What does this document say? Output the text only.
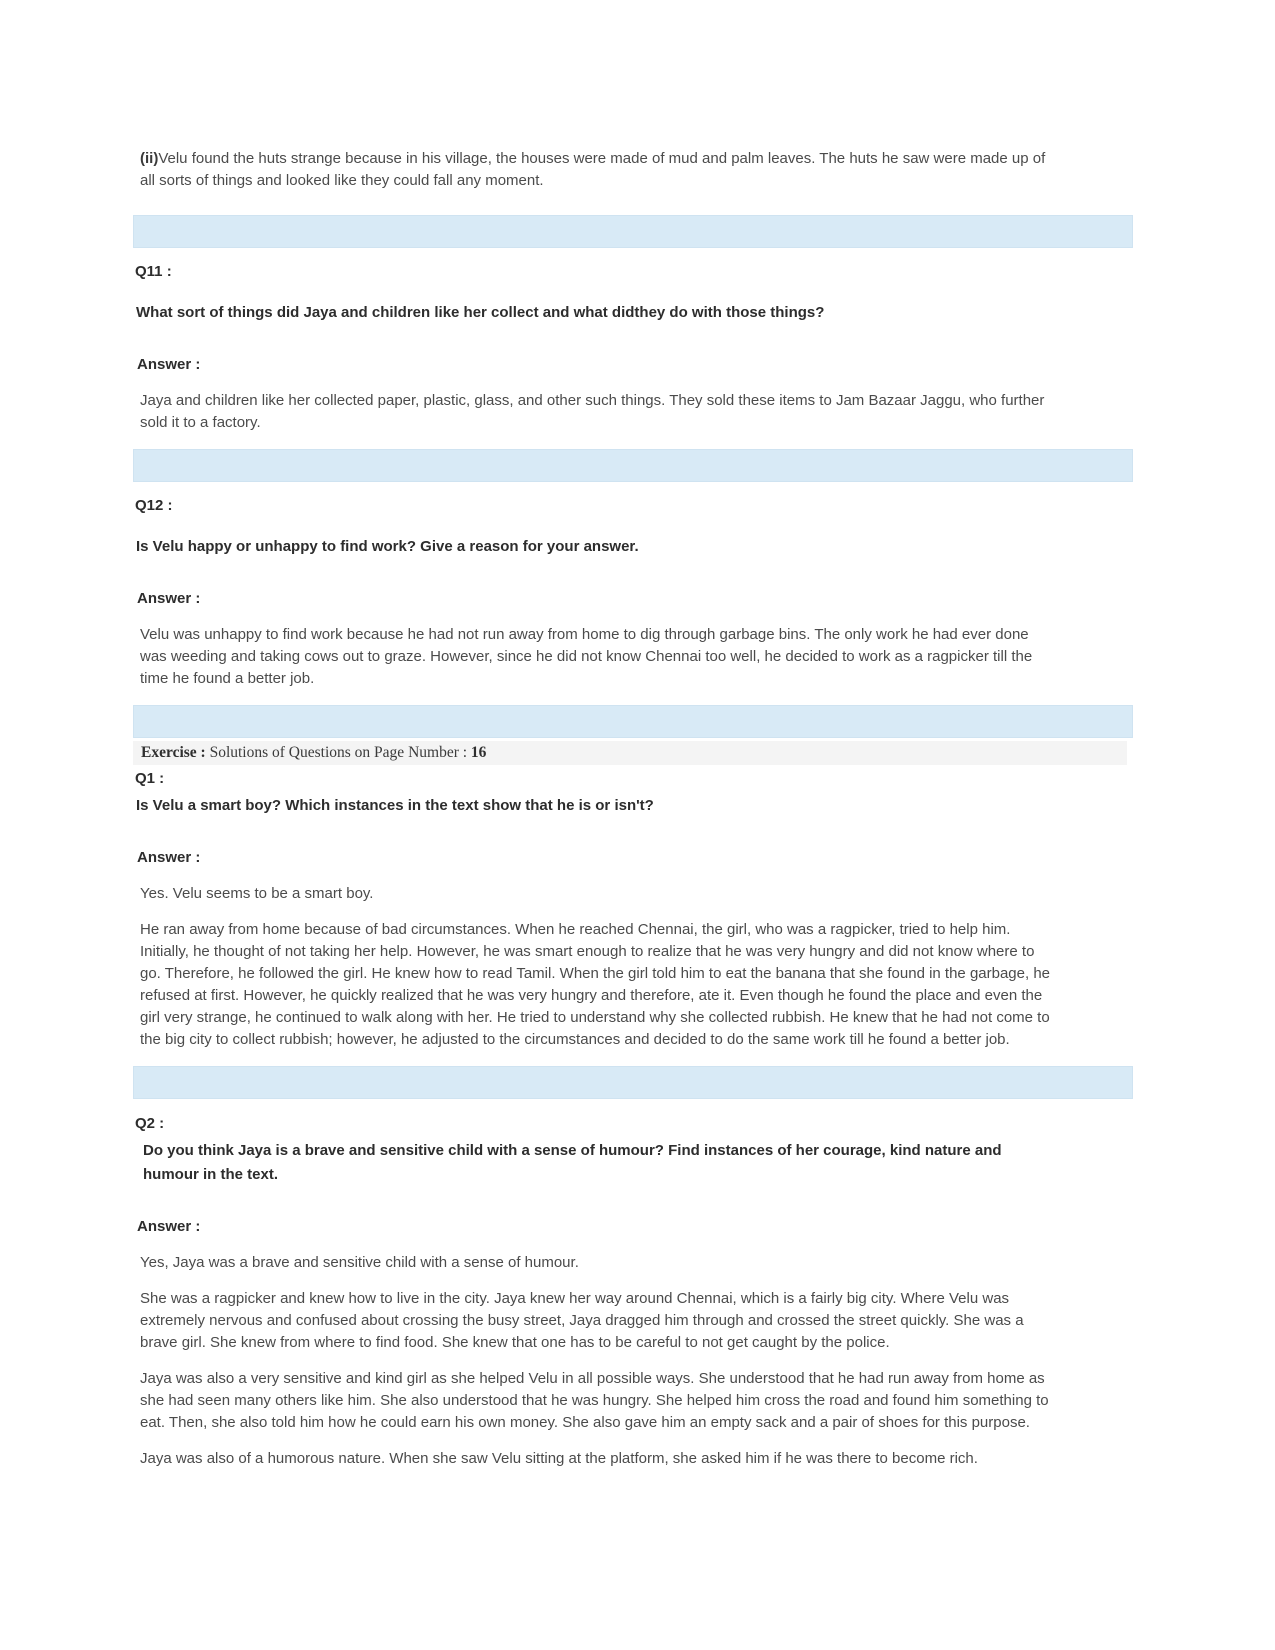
(ii)Velu found the huts strange because in his village, the houses were made of mud and palm leaves. The huts he saw were made up of all sorts of things and looked like they could fall any moment.

Q11 :

What sort of things did Jaya and children like her collect and what didthey do with those things?

Answer :

Jaya and children like her collected paper, plastic, glass, and other such things. They sold these items to Jam Bazaar Jaggu, who further sold it to a factory.

Q12 :

Is Velu happy or unhappy to find work? Give a reason for your answer.

Answer :

Velu was unhappy to find work because he had not run away from home to dig through garbage bins. The only work he had ever done was weeding and taking cows out to graze. However, since he did not know Chennai too well, he decided to work as a ragpicker till the time he found a better job.

Exercise : Solutions of Questions on Page Number : 16

Q1 :

Is Velu a smart boy? Which instances in the text show that he is or isn't?

Answer :

Yes. Velu seems to be a smart boy.

He ran away from home because of bad circumstances. When he reached Chennai, the girl, who was a ragpicker, tried to help him. Initially, he thought of not taking her help. However, he was smart enough to realize that he was very hungry and did not know where to go. Therefore, he followed the girl. He knew how to read Tamil. When the girl told him to eat the banana that she found in the garbage, he refused at first. However, he quickly realized that he was very hungry and therefore, ate it. Even though he found the place and even the girl very strange, he continued to walk along with her. He tried to understand why she collected rubbish. He knew that he had not come to the big city to collect rubbish; however, he adjusted to the circumstances and decided to do the same work till he found a better job.

Q2 :

Do you think Jaya is a brave and sensitive child with a sense of humour? Find instances of her courage, kind nature and humour in the text.

Answer :

Yes, Jaya was a brave and sensitive child with a sense of humour.

She was a ragpicker and knew how to live in the city. Jaya knew her way around Chennai, which is a fairly big city. Where Velu was extremely nervous and confused about crossing the busy street, Jaya dragged him through and crossed the street quickly. She was a brave girl. She knew from where to find food. She knew that one has to be careful to not get caught by the police.

Jaya was also a very sensitive and kind girl as she helped Velu in all possible ways. She understood that he had run away from home as she had seen many others like him. She also understood that he was hungry. She helped him cross the road and found him something to eat. Then, she also told him how he could earn his own money. She also gave him an empty sack and a pair of shoes for this purpose.

Jaya was also of a humorous nature. When she saw Velu sitting at the platform, she asked him if he was there to become rich.
